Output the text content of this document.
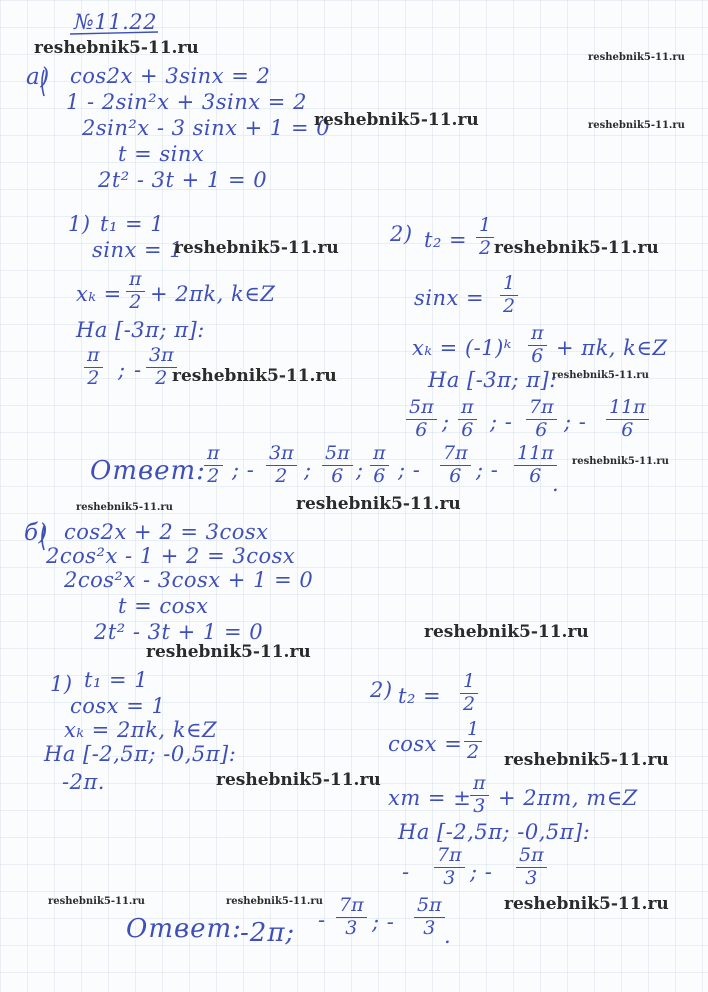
№11.22
а) cos2x + 3sinx = 2
1 - 2sin²x + 3sinx = 2
2sin²x - 3 sinx + 1 = 0
t = sinx
2t² - 3t + 1 = 0
1) t₁ = 1
sinx = 1
$x_k = \frac{\pi}{2} + 2\pi k$, k∈Z
На [-3π; π]:
$\frac{\pi}{2}$ ; - $\frac{3\pi}{2}$
2) $t_2 = \frac{1}{2}$
$\sin x = \frac{1}{2}$
xₖ = (-1)ᵏ $\frac{\pi}{6} + \pi k$, k∈Z
На [-3π; π]:
$\frac{5\pi}{6}$ ; $\frac{\pi}{6}$ ; - $\frac{7\pi}{6}$ ; - $\frac{11\pi}{6}$
Ответ:
$\frac{\pi}{2}$ ; - $\frac{3\pi}{2}$ ; $\frac{5\pi}{6}$ ; $\frac{\pi}{6}$ ; - $\frac{7\pi}{6}$ ; - $\frac{11\pi}{6}$
.
б) cos2x + 2 = 3cosx
2cos²x - 1 + 2 = 3cosx
2cos²x - 3cosx + 1 = 0
t = cosx
2t² - 3t + 1 = 0
1) t₁ = 1
cosx = 1
xₖ = 2πk, k∈Z
На [-2,5π; -0,5π]:
-2π.
2) $t_2 = \frac{1}{2}$
$\cos x = \frac{1}{2}$
xm = ±
$\frac{\pi}{3} + 2\pi m$, m∈Z
На [-2,5π; -0,5π]:
- $\frac{7\pi}{3}$ ; - $\frac{5\pi}{3}$
Ответ:
-2π; - $\frac{7\pi}{3}$ ; - $\frac{5\pi}{3}$ .
reshebnik5-11.ru	reshebnik5-11.ru
reshebnik5-11.ru	reshebnik5-11.ru
reshebnik5-11.ru	reshebnik5-11.ru
reshebnik5-11.ru	reshebnik5-11.ru
reshebnik5-11.ru
reshebnik5-11.ru	reshebnik5-11.ru
reshebnik5-11.ru
reshebnik5-11.ru
reshebnik5-11.ru
reshebnik5-11.ru
reshebnik5-11.ru	reshebnik5-11.ru	reshebnik5-11.ru
